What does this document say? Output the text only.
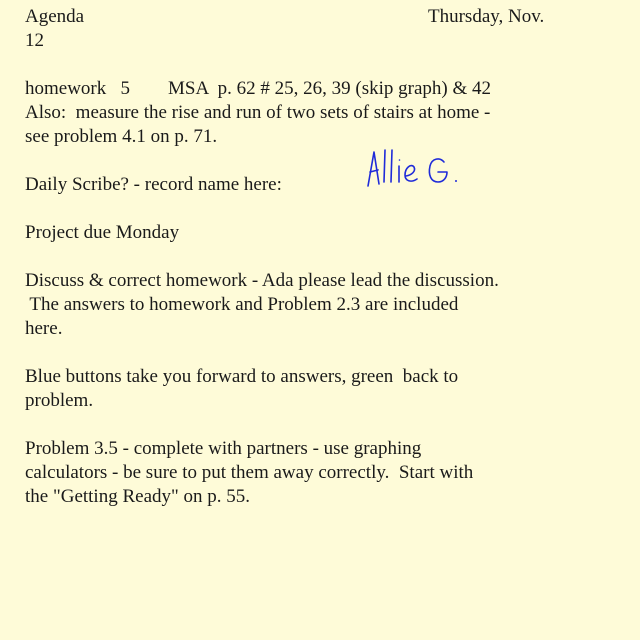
Agenda	Thursday, Nov.
12
homework   5        MSA  p. 62 # 25, 26, 39 (skip graph) & 42
Also:  measure the rise and run of two sets of stairs at home -
see problem 4.1 on p. 71.
Daily Scribe? - record name here:
Project due Monday
Discuss & correct homework - Ada please lead the discussion.
The answers to homework and Problem 2.3 are included
here.
Blue buttons take you forward to answers, green  back to
problem.
Problem 3.5 - complete with partners - use graphing
calculators - be sure to put them away correctly.  Start with
the "Getting Ready" on p. 55.
